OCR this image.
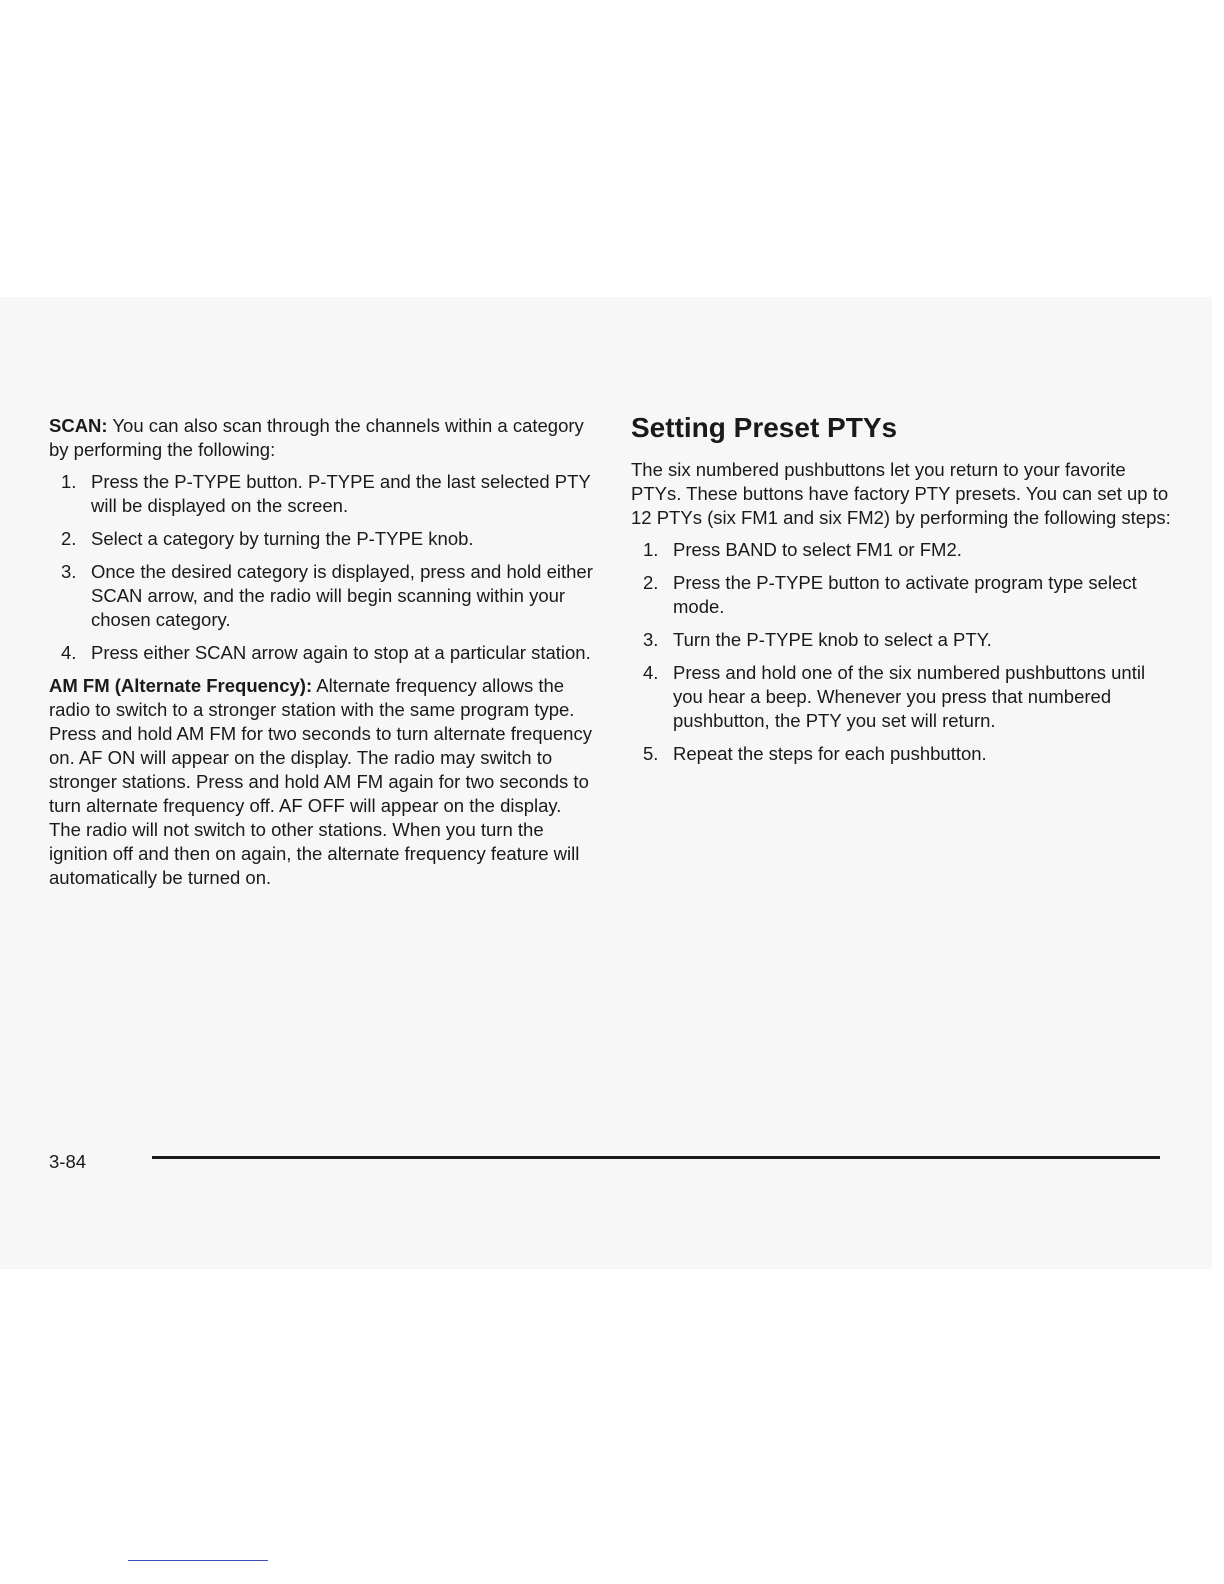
SCAN: You can also scan through the channels within a category by performing the following:

1. Press the P-TYPE button. P-TYPE and the last selected PTY will be displayed on the screen.
2. Select a category by turning the P-TYPE knob.
3. Once the desired category is displayed, press and hold either SCAN arrow, and the radio will begin scanning within your chosen category.
4. Press either SCAN arrow again to stop at a particular station.

AM FM (Alternate Frequency): Alternate frequency allows the radio to switch to a stronger station with the same program type. Press and hold AM FM for two seconds to turn alternate frequency on. AF ON will appear on the display. The radio may switch to stronger stations. Press and hold AM FM again for two seconds to turn alternate frequency off. AF OFF will appear on the display. The radio will not switch to other stations. When you turn the ignition off and then on again, the alternate frequency feature will automatically be turned on.

Setting Preset PTYs

The six numbered pushbuttons let you return to your favorite PTYs. These buttons have factory PTY presets. You can set up to 12 PTYs (six FM1 and six FM2) by performing the following steps:

1. Press BAND to select FM1 or FM2.
2. Press the P-TYPE button to activate program type select mode.
3. Turn the P-TYPE knob to select a PTY.
4. Press and hold one of the six numbered pushbuttons until you hear a beep. Whenever you press that numbered pushbutton, the PTY you set will return.
5. Repeat the steps for each pushbutton.
3-84
